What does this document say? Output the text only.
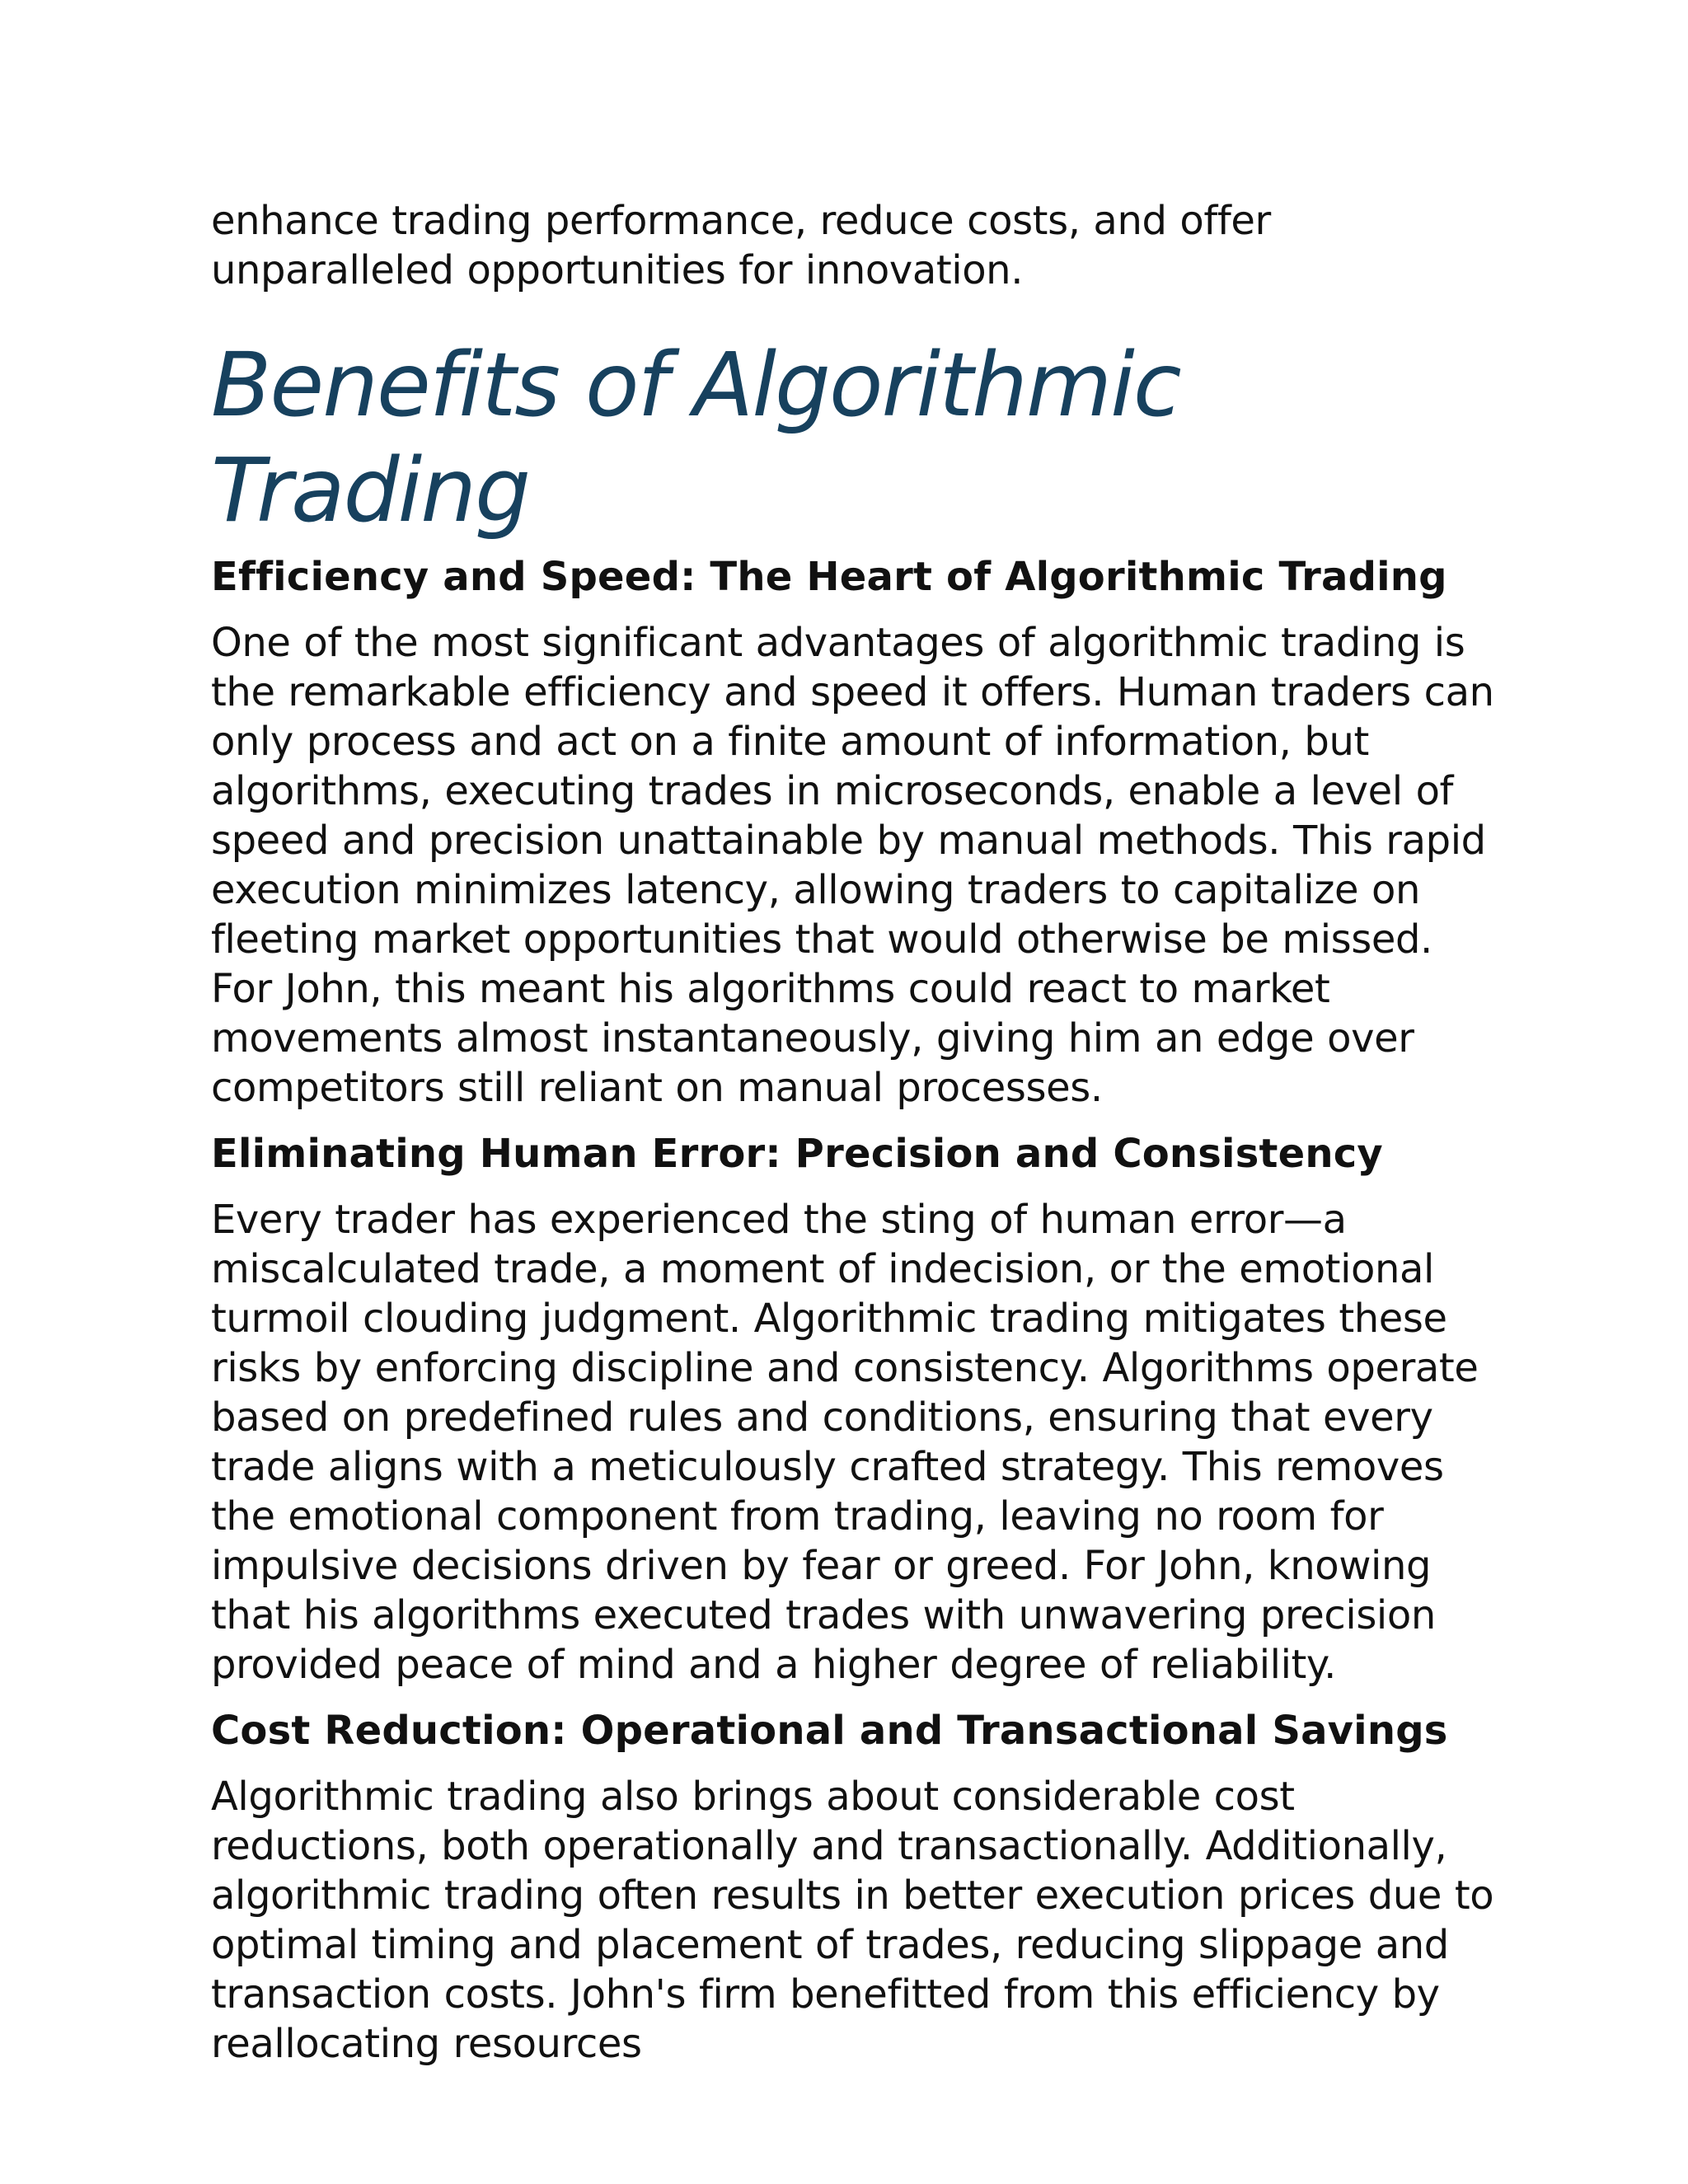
enhance trading performance, reduce costs, and offer unparalleled opportunities for innovation.

Benefits of Algorithmic Trading
Efficiency and Speed: The Heart of Algorithmic Trading

One of the most significant advantages of algorithmic trading is the remarkable efficiency and speed it offers. Human traders can only process and act on a finite amount of information, but algorithms, executing trades in microseconds, enable a level of speed and precision unattainable by manual methods. This rapid execution minimizes latency, allowing traders to capitalize on fleeting market opportunities that would otherwise be missed. For John, this meant his algorithms could react to market movements almost instantaneously, giving him an edge over competitors still reliant on manual processes.

Eliminating Human Error: Precision and Consistency

Every trader has experienced the sting of human error—a miscalculated trade, a moment of indecision, or the emotional turmoil clouding judgment. Algorithmic trading mitigates these risks by enforcing discipline and consistency. Algorithms operate based on predefined rules and conditions, ensuring that every trade aligns with a meticulously crafted strategy. This removes the emotional component from trading, leaving no room for impulsive decisions driven by fear or greed. For John, knowing that his algorithms executed trades with unwavering precision provided peace of mind and a higher degree of reliability.

Cost Reduction: Operational and Transactional Savings

Algorithmic trading also brings about considerable cost reductions, both operationally and transactionally. Additionally, algorithmic trading often results in better execution prices due to optimal timing and placement of trades, reducing slippage and transaction costs. John's firm benefitted from this efficiency by reallocating resources
